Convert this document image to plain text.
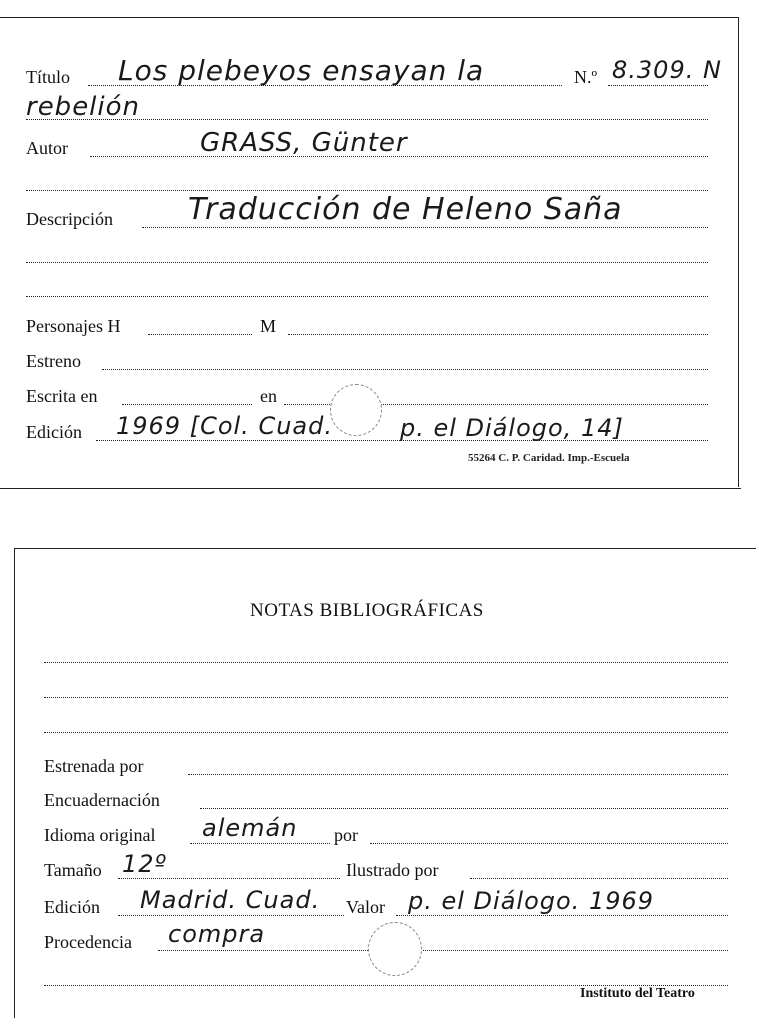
Título Los plebeyos ensayan la	N.º 8.309. N
rebelión
Autor	GRASS, Günter
Descripción	Traducción de Heleno Saña
Personajes H	M
Estreno
Escrita en	en
Edición 1969 [Col. Cuad.	p. el Diálogo, 14]
55264 C. P. Caridad. Imp.-Escuela
NOTAS BIBLIOGRÁFICAS
Estrenada por
Encuadernación
Idioma original alemán por
Tamaño 12º	Ilustrado por
Edición Madrid. Cuad. Valor p. el Diálogo. 1969
Procedencia compra
Instituto del Teatro
